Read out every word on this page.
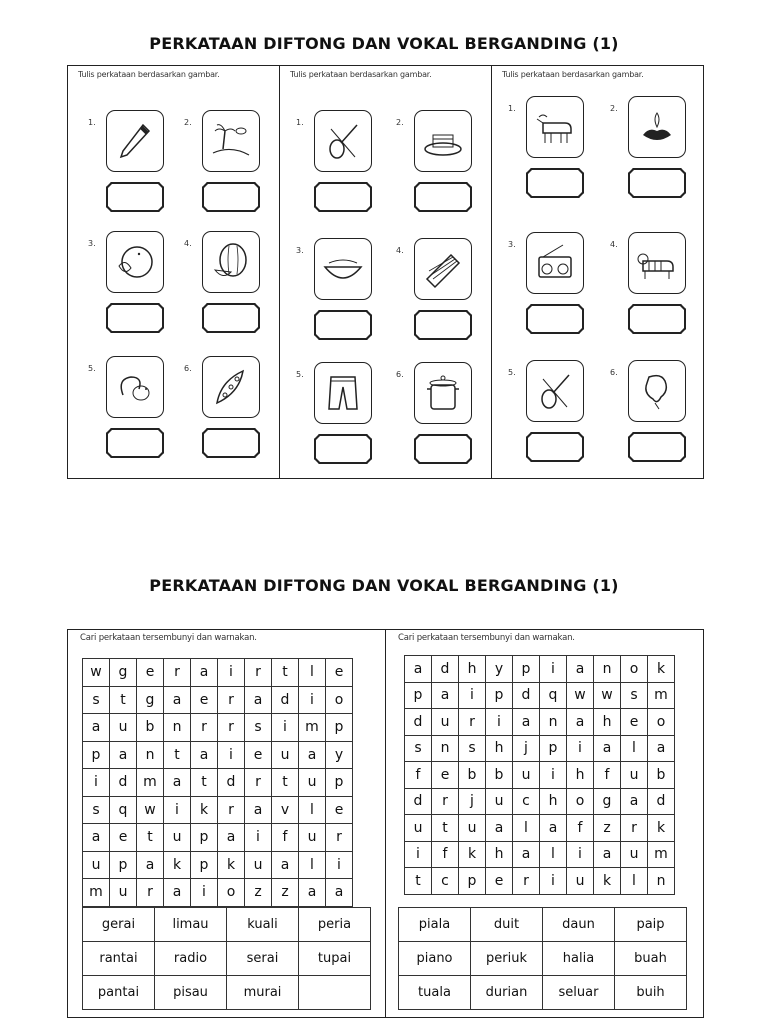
PERKATAAN DIFTONG DAN VOKAL BERGANDING (1)
Tulis perkataan berdasarkan gambar.
1.	2.
3.	4.
5.	6.
Tulis perkataan berdasarkan gambar.
1.	2.
3.	4.
5.	6.
Tulis perkataan berdasarkan gambar.
1.	2.
3.	4.
5.	6.
PERKATAAN DIFTONG DAN VOKAL BERGANDING (1)
Cari perkataan tersembunyi dan warnakan.
w	g	e	r	a	i	r	t	l	e
s	t	g	a	e	r	a	d	i	o
a	u	b	n	r	r	s	i	m	p
p	a	n	t	a	i	e	u	a	y
i	d	m	a	t	d	r	t	u	p
s	q	w	i	k	r	a	v	l	e
a	e	t	u	p	a	i	f	u	r
u	p	a	k	p	k	u	a	l	i
m	u	r	a	i	o	z	z	a	a
gerai	limau	kuali	peria
rantai	radio	serai	tupai
pantai	pisau	murai	
Cari perkataan tersembunyi dan warnakan.
a	d	h	y	p	i	a	n	o	k
p	a	i	p	d	q	w	w	s	m
d	u	r	i	a	n	a	h	e	o
s	n	s	h	j	p	i	a	l	a
f	e	b	b	u	i	h	f	u	b
d	r	j	u	c	h	o	g	a	d
u	t	u	a	l	a	f	z	r	k
i	f	k	h	a	l	i	a	u	m
t	c	p	e	r	i	u	k	l	n
piala	duit	daun	paip
piano	periuk	halia	buah
tuala	durian	seluar	buih
